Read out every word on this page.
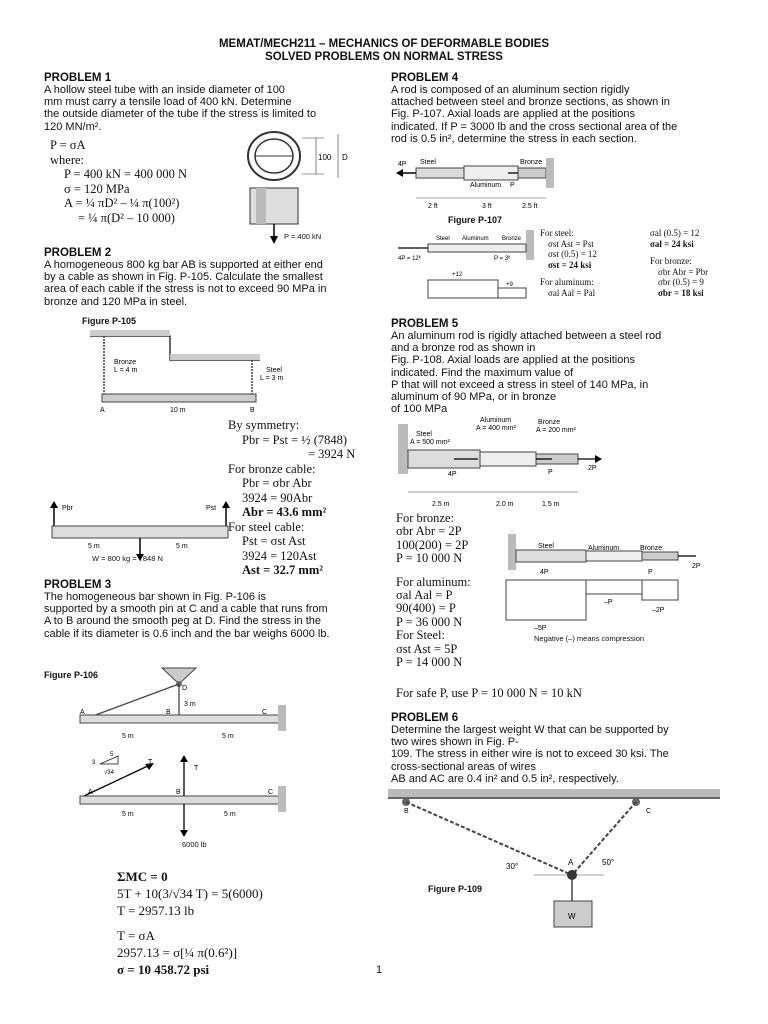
MEMAT/MECH211 – MECHANICS OF DEFORMABLE BODIES
SOLVED PROBLEMS ON NORMAL STRESS
PROBLEM 1
A hollow steel tube with an inside diameter of 100
mm must carry a tensile load of 400 kN. Determine
the outside diameter of the tube if the stress is limited to
120 MN/m².
P = σA
where:
P = 400 kN = 400 000 N
σ = 120 MPa
A = ¼ πD² – ¼ π(100²)
= ¼ π(D² – 10 000)
100 D
P = 400 kN
PROBLEM 2
A homogeneous 800 kg bar AB is supported at either end
by a cable as shown in Fig. P-105. Calculate the smallest
area of each cable if the stress is not to exceed 90 MPa in
bronze and 120 MPa in steel.
Figure P-105
Bronze
L = 4 m	Steel
L = 3 m
A	B
10 m
By symmetry:
Pbr = Pst = ½ (7848)
= 3924 N
For bronze cable:
Pbr = σbr Abr
3924 = 90Abr
Abr = 43.6 mm²
For steel cable:
Pst = σst Ast
3924 = 120Ast
Ast = 32.7 mm²
Pbr	Pst
5 m	5 m
W = 800 kg = 7848 N
PROBLEM 3
The homogeneous bar shown in Fig. P-106 is
supported by a smooth pin at C and a cable that runs from
A to B around the smooth peg at D. Find the stress in the
cable if its diameter is 0.6 inch and the bar weighs 6000 lb.
Figure P-106
D
3 m
A	B	C
5 m	5 m
5
3
√34
T
T
A	B	C
5 m	5 m
6000 lb
ΣMC = 0
5T + 10(3/√34 T) = 5(6000)
T = 2957.13 lb
T = σA
2957.13 = σ[¼ π(0.6²)]
σ = 10 458.72 psi
PROBLEM 4
A rod is composed of an aluminum section rigidly
attached between steel and bronze sections, as shown in
Fig. P-107. Axial loads are applied at the positions
indicated. If P = 3000 lb and the cross sectional area of the
rod is 0.5 in², determine the stress in each section.
4P Steel
Aluminum
Bronze
P
2 ft	3 ft	2.5 ft
Figure P-107
Steel Aluminum Bronze
4P = 12ᵏ	P = 3ᵏ
+12
+9
For steel:
σst Ast = Pst
σst (0.5) = 12
σst = 24 ksi
For aluminum:
σal Aal = Pal
σal (0.5) = 12
σal = 24 ksi
For bronze:
σbr Abr = Pbr
σbr (0.5) = 9
σbr = 18 ksi
PROBLEM 5
An aluminum rod is rigidly attached between a steel rod
and a bronze rod as shown in
Fig. P-108. Axial loads are applied at the positions
indicated. Find the maximum value of
P that will not exceed a stress in steel of 140 MPa, in
aluminum of 90 MPa, or in bronze
of 100 MPa
Aluminum
A = 400 mm²
Bronze
A = 200 mm²
Steel
A = 500 mm²
4P	P
2P
2.5 m	2.0 m	1.5 m
For bronze:
σbr Abr = 2P
100(200) = 2P
P = 10 000 N
For aluminum:
σal Aal = P
90(400) = P
P = 36 000 N
For Steel:
σst Ast = 5P
P = 14 000 N
Steel	Aluminum	Bronze
4P	P
2P
–P
–2P
–5P
Negative (–) means compression
For safe P, use P = 10 000 N = 10 kN
PROBLEM 6
Determine the largest weight W that can be supported by
two wires shown in Fig. P-
109. The stress in either wire is not to exceed 30 ksi. The
cross-sectional areas of wires
AB and AC are 0.4 in² and 0.5 in², respectively.
B	C
A
30°	50°
W
Figure P-109
1
